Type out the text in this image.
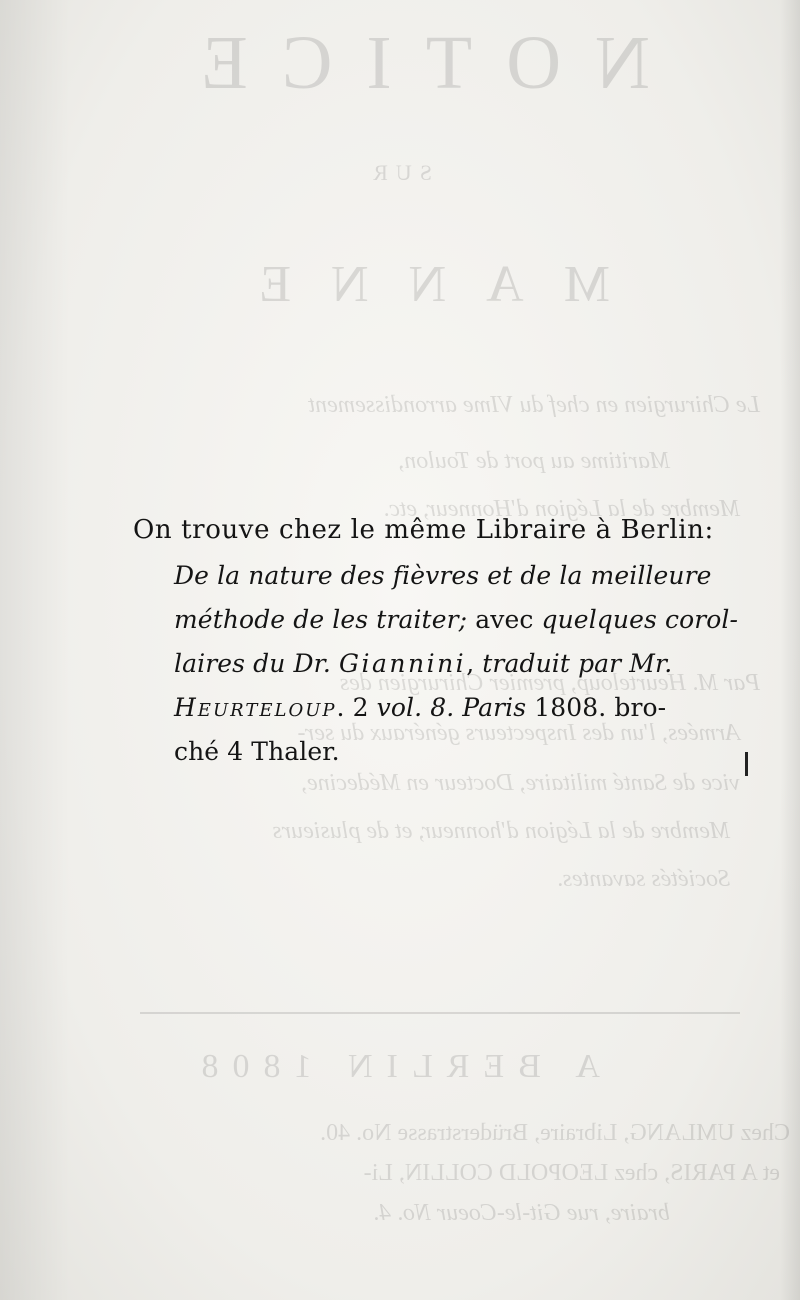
NOTICE
SUR
MANNE
Le Chirurgien en chef du VIme arrondissement
Maritime au port de Toulon,
Membre de la Légion d'Honneur, etc.
Par M. Heurteloup, premier Chirurgien des
Armées, l'un des Inspecteurs généraux du ser-
vice de Santé militaire, Docteur en Médecine,
Membre de la Légion d'honneur, et de plusieurs
Sociétés savantes.
A BERLIN 1808
Chez UMLANG, Libraire, Brüderstrasse No. 40.
et A PARIS, chez LEOPOLD COLLIN, Li-
braire, rue Git-le-Coeur No. 4.
On trouve chez le même Libraire à Berlin:
De la nature des fièvres et de la meilleure
méthode de les traiter; avec quelques corol-
laires du Dr. Giannini, traduit par Mr.
Heurteloup. 2 vol. 8. Paris 1808. bro-
ché 4 Thaler.
